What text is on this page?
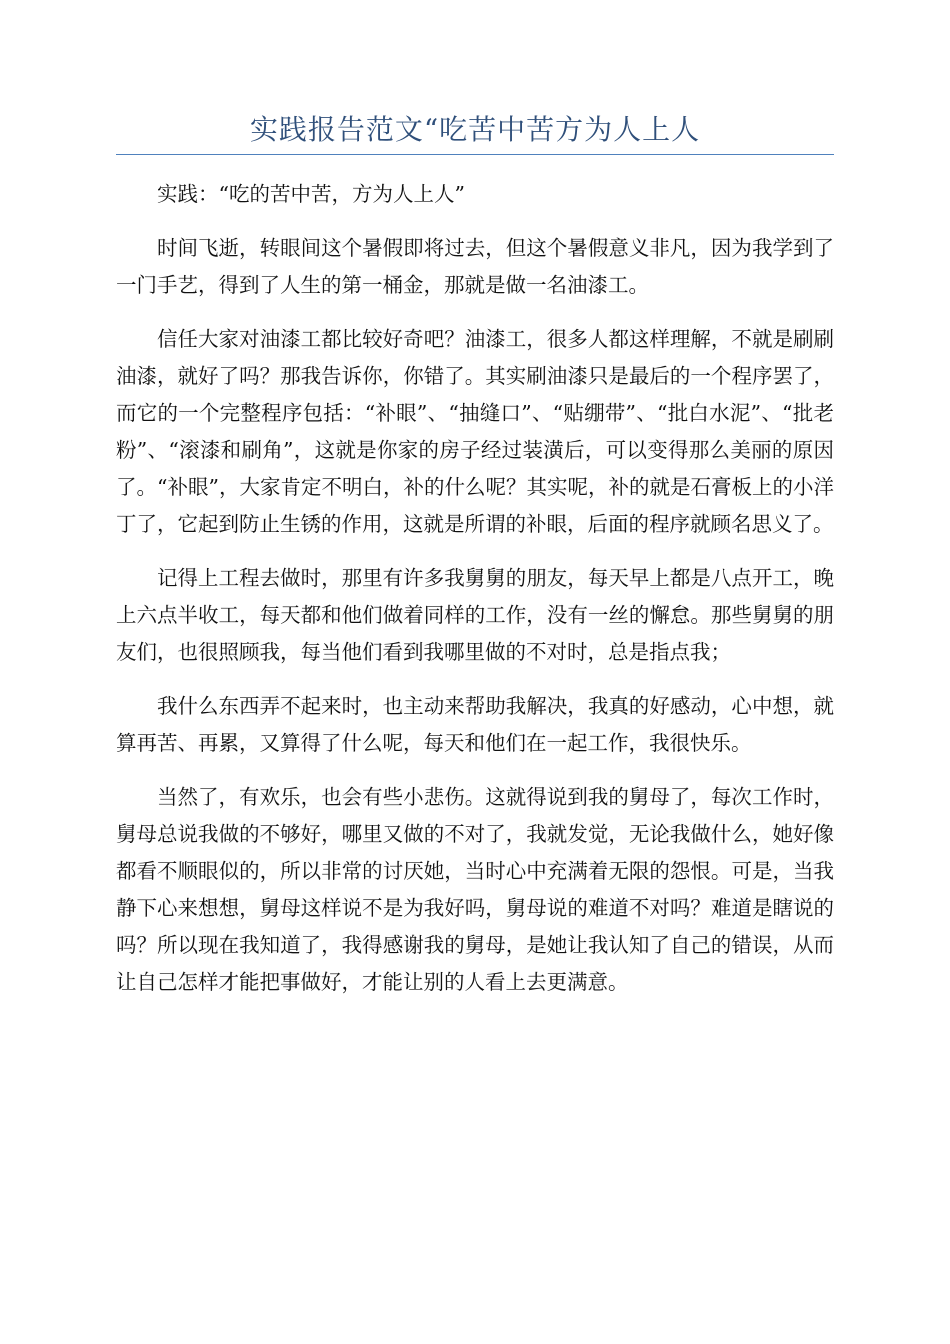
实践报告范文“吃苦中苦方为人上人

实践：“吃的苦中苦，方为人上人”

时间飞逝，转眼间这个暑假即将过去，但这个暑假意义非凡，因为我学到了一门手艺，得到了人生的第一桶金，那就是做一名油漆工。

信任大家对油漆工都比较好奇吧？油漆工，很多人都这样理解，不就是刷刷油漆，就好了吗？那我告诉你，你错了。其实刷油漆只是最后的一个程序罢了，而它的一个完整程序包括：“补眼”、“抽缝口”、“贴绷带”、“批白水泥”、“批老粉”、“滚漆和刷角”，这就是你家的房子经过装潢后，可以变得那么美丽的原因了。“补眼”，大家肯定不明白，补的什么呢？其实呢，补的就是石膏板上的小洋丁了，它起到防止生锈的作用，这就是所谓的补眼，后面的程序就顾名思义了。

记得上工程去做时，那里有许多我舅舅的朋友，每天早上都是八点开工，晚上六点半收工，每天都和他们做着同样的工作，没有一丝的懈怠。那些舅舅的朋友们，也很照顾我，每当他们看到我哪里做的不对时，总是指点我；

我什么东西弄不起来时，也主动来帮助我解决，我真的好感动，心中想，就算再苦、再累，又算得了什么呢，每天和他们在一起工作，我很快乐。

当然了，有欢乐，也会有些小悲伤。这就得说到我的舅母了，每次工作时，舅母总说我做的不够好，哪里又做的不对了，我就发觉，无论我做什么，她好像都看不顺眼似的，所以非常的讨厌她，当时心中充满着无限的怨恨。可是，当我静下心来想想，舅母这样说不是为我好吗，舅母说的难道不对吗？难道是瞎说的吗？所以现在我知道了，我得感谢我的舅母，是她让我认知了自己的错误，从而让自己怎样才能把事做好，才能让别的人看上去更满意。
